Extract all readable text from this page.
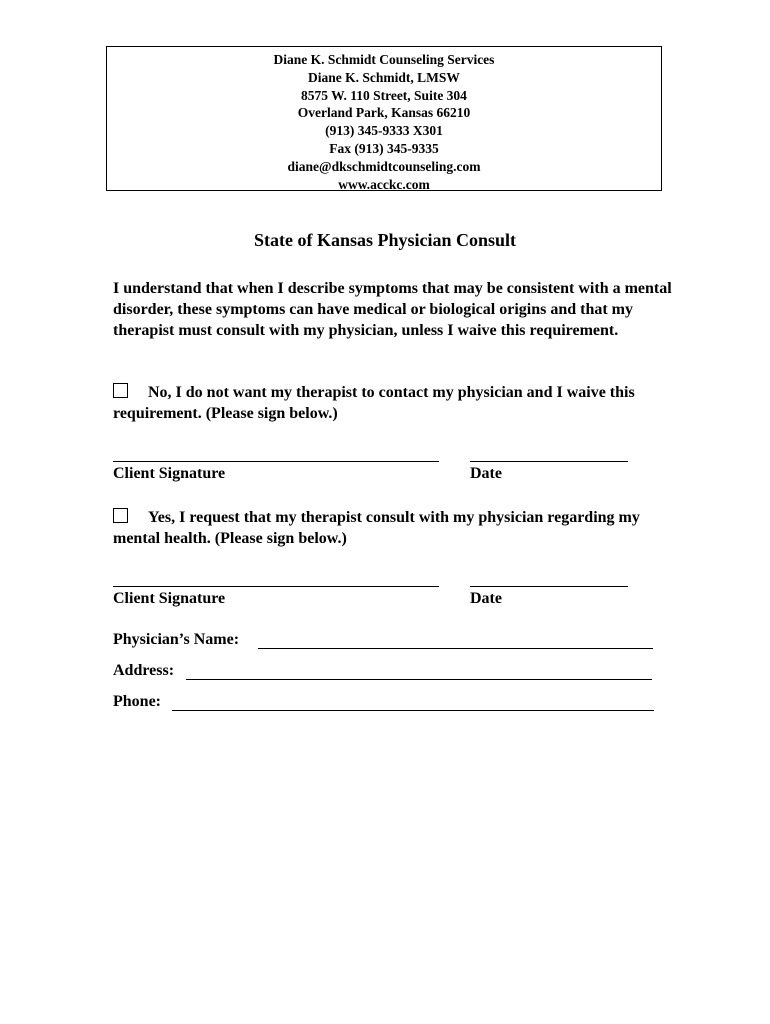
Diane K. Schmidt Counseling Services
Diane K. Schmidt, LMSW
8575 W. 110 Street, Suite 304
Overland Park, Kansas 66210
(913) 345-9333 X301
Fax (913) 345-9335
diane@dkschmidtcounseling.com
www.acckc.com
State of Kansas Physician Consult
I understand that when I describe symptoms that may be consistent with a mental disorder, these symptoms can have medical or biological origins and that my therapist must consult with my physician, unless I waive this requirement.
No, I do not want my therapist to contact my physician and I waive this requirement. (Please sign below.)
Client Signature	Date
Yes, I request that my therapist consult with my physician regarding my mental health. (Please sign below.)
Client Signature	Date
Physician’s Name:
Address:
Phone:
